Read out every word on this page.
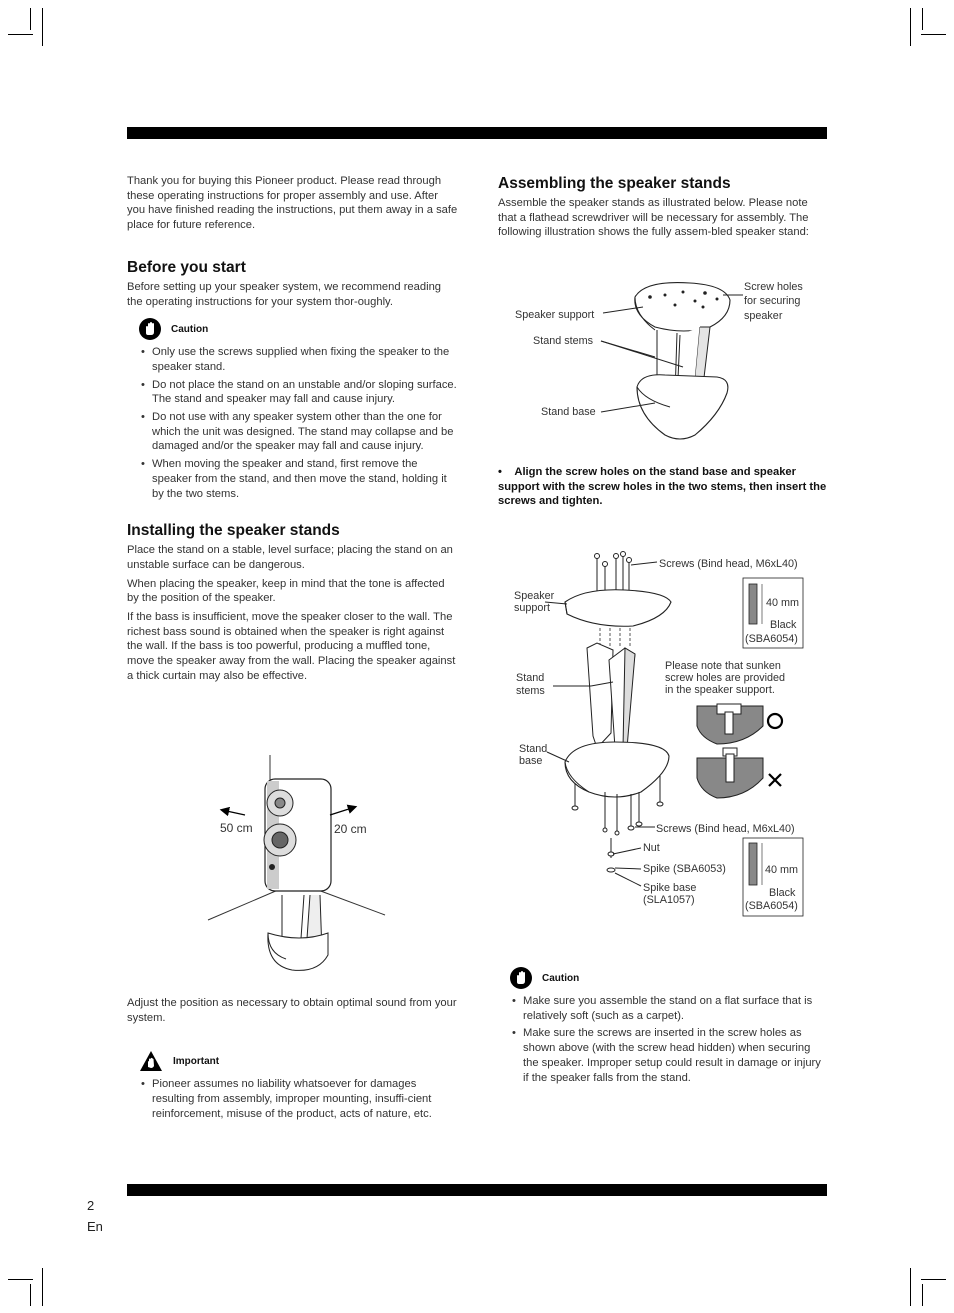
Thank you for buying this Pioneer product. Please read through these operating instructions for proper assembly and use. After you have finished reading the instructions, put them away in a safe place for future reference.

Before you start

Before setting up your speaker system, we recommend reading the operating instructions for your system thor-oughly.

Caution
• Only use the screws supplied when fixing the speaker to the speaker stand.
• Do not place the stand on an unstable and/or sloping surface. The stand and speaker may fall and cause injury.
• Do not use with any speaker system other than the one for which the unit was designed. The stand may collapse and be damaged and/or the speaker may fall and cause injury.
• When moving the speaker and stand, first remove the speaker from the stand, and then move the stand, holding it by the two stems.
Installing the speaker stands

Place the stand on a stable, level surface; placing the stand on an unstable surface can be dangerous.

When placing the speaker, keep in mind that the tone is affected by the position of the speaker.

If the bass is insufficient, move the speaker closer to the wall. The richest bass sound is obtained when the speaker is right against the wall. If the bass is too powerful, producing a muffled tone, move the speaker away from the wall. Placing the speaker against a thick curtain may also be effective.

50 cm	20 cm

Adjust the position as necessary to obtain optimal sound from your system.

Important
• Pioneer assumes no liability whatsoever for damages resulting from assembly, improper mounting, insuffi-cient reinforcement, misuse of the product, acts of nature, etc.
Assembling the speaker stands

Assemble the speaker stands as illustrated below. Please note that a flathead screwdriver will be necessary for assembly. The following illustration shows the fully assem-bled speaker stand:

Speaker support
Screw holes
for securing
speaker
Stand stems
Stand base
•    Align the screw holes on the stand base and speaker support with the screw holes in the two stems, then insert the screws and tighten.
Screws (Bind head, M6xL40)
Speaker
support	40 mm
Black
(SBA6054)
Stand
stems
Please note that sunken
screw holes are provided
in the speaker support.
Stand
base
Screws (Bind head, M6xL40)
Nut
Spike (SBA6053)
Spike base
(SLA1057)
40 mm
Black
(SBA6054)
Caution
• Make sure you assemble the stand on a flat surface that is relatively soft (such as a carpet).
• Make sure the screws are inserted in the screw holes as shown above (with the screw head hidden) when securing the speaker. Improper setup could result in damage or injury if the speaker falls from the stand.
2
En
